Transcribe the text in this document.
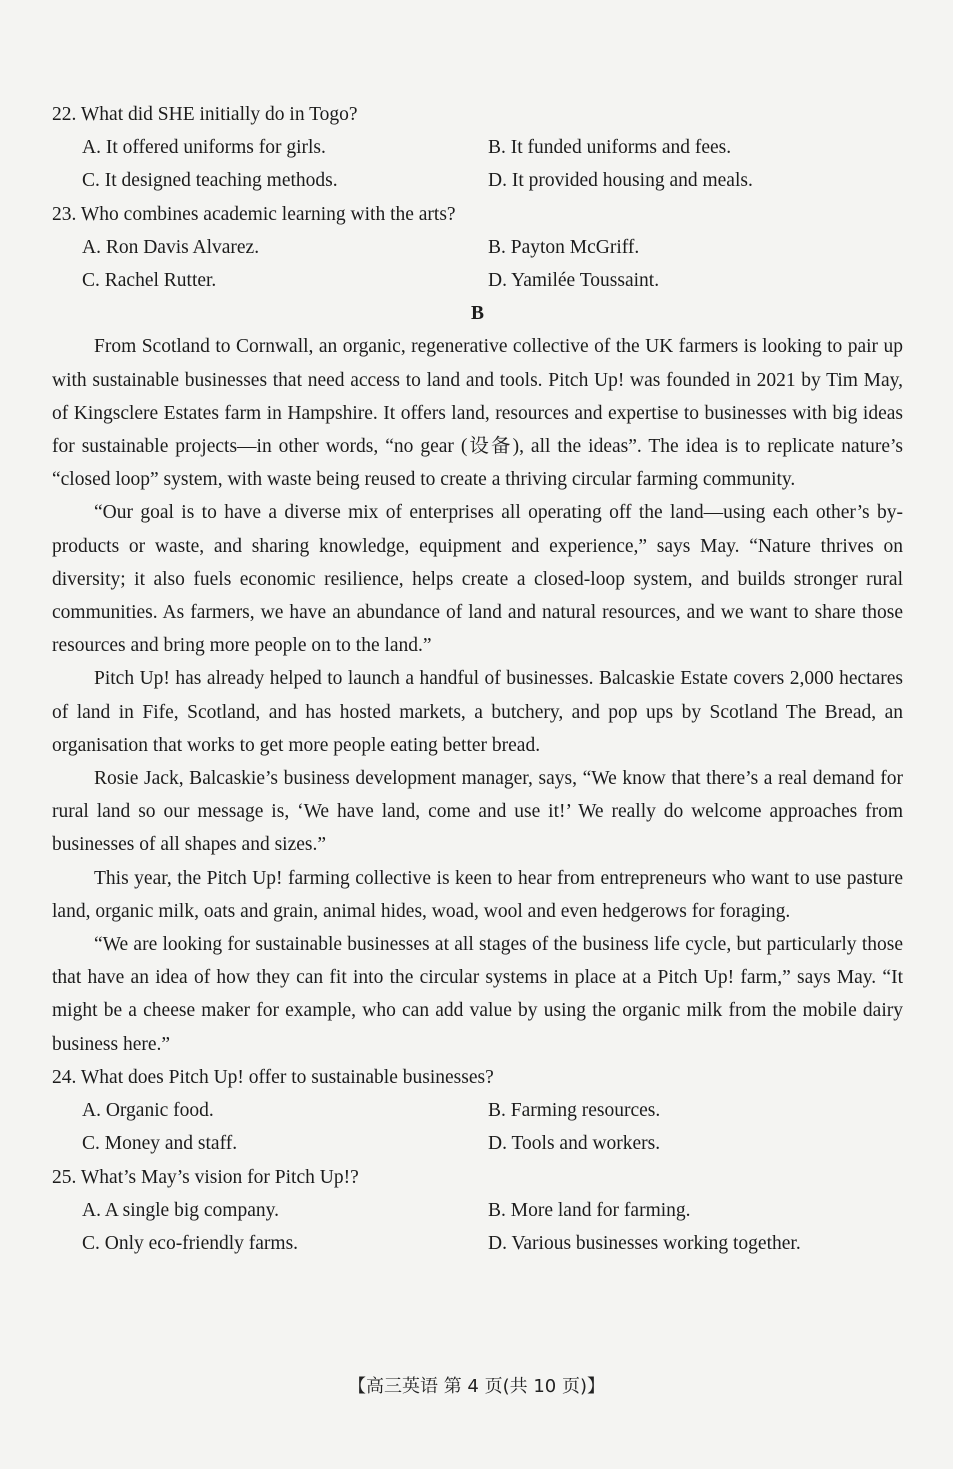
22. What did SHE initially do in Togo?
A. It offered uniforms for girls.	B. It funded uniforms and fees.
C. It designed teaching methods.	D. It provided housing and meals.
23. Who combines academic learning with the arts?
A. Ron Davis Alvarez.	B. Payton McGriff.
C. Rachel Rutter.	D. Yamilée Toussaint.
B

From Scotland to Cornwall, an organic, regenerative collective of the UK farmers is looking to pair up with sustainable businesses that need access to land and tools. Pitch Up! was founded in 2021 by Tim May, of Kingsclere Estates farm in Hampshire. It offers land, resources and expertise to businesses with big ideas for sustainable projects—in other words, “no gear (设备), all the ideas”. The idea is to replicate nature’s “closed loop” system, with waste being reused to create a thriving circular farming community.

“Our goal is to have a diverse mix of enterprises all operating off the land—using each other’s by-products or waste, and sharing knowledge, equipment and experience,” says May. “Nature thrives on diversity; it also fuels economic resilience, helps create a closed-loop system, and builds stronger rural communities. As farmers, we have an abundance of land and natural resources, and we want to share those resources and bring more people on to the land.”

Pitch Up! has already helped to launch a handful of businesses. Balcaskie Estate covers 2,000 hectares of land in Fife, Scotland, and has hosted markets, a butchery, and pop ups by Scotland The Bread, an organisation that works to get more people eating better bread.

Rosie Jack, Balcaskie’s business development manager, says, “We know that there’s a real demand for rural land so our message is, ‘We have land, come and use it!’ We really do welcome approaches from businesses of all shapes and sizes.”

This year, the Pitch Up! farming collective is keen to hear from entrepreneurs who want to use pasture land, organic milk, oats and grain, animal hides, woad, wool and even hedgerows for foraging.

“We are looking for sustainable businesses at all stages of the business life cycle, but particularly those that have an idea of how they can fit into the circular systems in place at a Pitch Up! farm,” says May. “It might be a cheese maker for example, who can add value by using the organic milk from the mobile dairy business here.”

24. What does Pitch Up! offer to sustainable businesses?
A. Organic food.	B. Farming resources.
C. Money and staff.	D. Tools and workers.
25. What’s May’s vision for Pitch Up!?
A. A single big company.	B. More land for farming.
C. Only eco-friendly farms.	D. Various businesses working together.
【高三英语 第 4 页(共 10 页)】
